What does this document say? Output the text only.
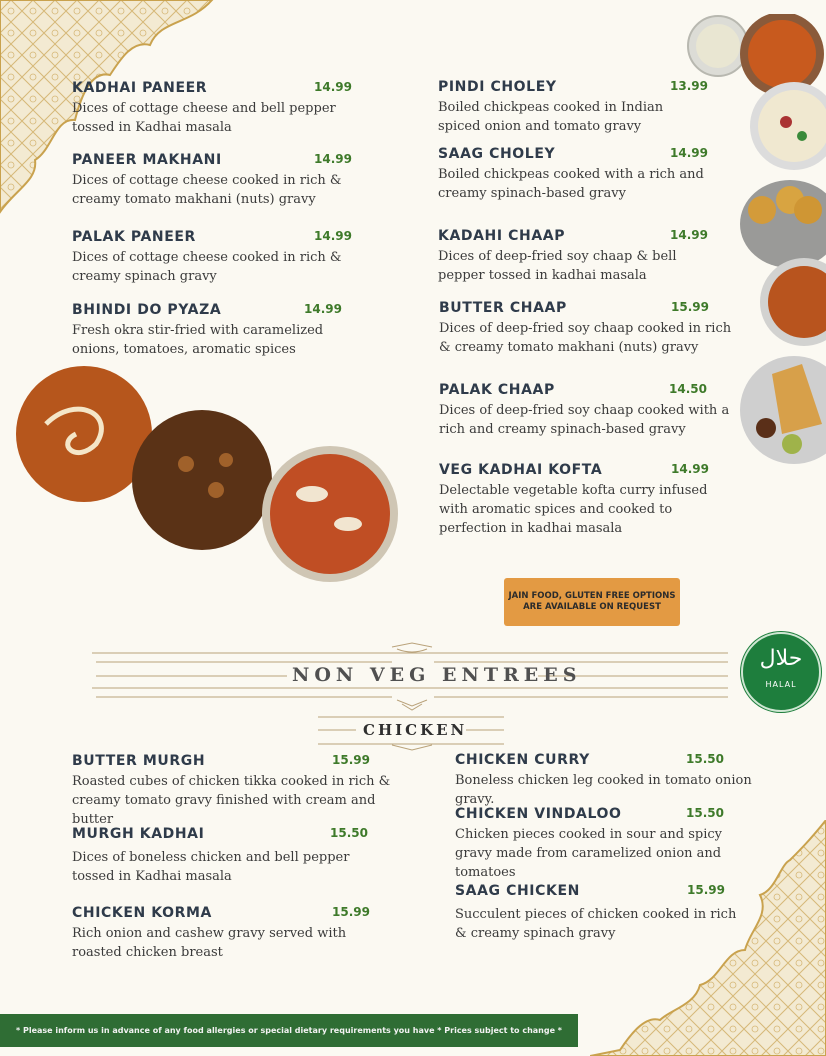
KADHAI PANEER	14.99
Dices of cottage cheese and bell pepper tossed in Kadhai masala
PANEER MAKHANI	14.99
Dices of cottage cheese cooked in rich & creamy tomato makhani (nuts) gravy
PALAK PANEER	14.99
Dices of cottage cheese cooked in rich & creamy spinach gravy
BHINDI DO PYAZA	14.99
Fresh okra stir-fried with caramelized onions, tomatoes, aromatic spices
PINDI CHOLEY	13.99
Boiled chickpeas cooked in Indian spiced onion and tomato gravy
SAAG CHOLEY	14.99
Boiled chickpeas cooked with a rich and creamy spinach-based gravy
KADAHI CHAAP	14.99
Dices of deep-fried soy chaap & bell pepper tossed in kadhai masala
BUTTER CHAAP	15.99
Dices of deep-fried soy chaap cooked in rich & creamy tomato makhani (nuts) gravy
PALAK CHAAP	14.50
Dices of deep-fried soy chaap cooked with a rich and creamy spinach-based gravy
VEG KADHAI KOFTA	14.99
Delectable vegetable kofta curry infused with aromatic spices and cooked to perfection in kadhai masala
JAIN FOOD, GLUTEN FREE OPTIONS
ARE AVAILABLE ON REQUEST
NON VEG ENTREES
CHICKEN
حلال
HALAL
BUTTER MURGH	15.99
Roasted cubes of chicken tikka cooked in rich & creamy tomato gravy finished with cream and butter
MURGH KADHAI	15.50
Dices of boneless chicken and bell pepper tossed in Kadhai masala
CHICKEN KORMA	15.99
Rich onion and cashew gravy served with roasted chicken breast
CHICKEN CURRY	15.50
Boneless chicken leg cooked in tomato onion gravy.
CHICKEN VINDALOO	15.50
Chicken pieces cooked in sour and spicy gravy made from caramelized onion and tomatoes
SAAG CHICKEN	15.99
Succulent pieces of chicken cooked in rich & creamy spinach gravy
* Please inform us in advance of any food allergies or special dietary requirements you have * Prices subject to change *
